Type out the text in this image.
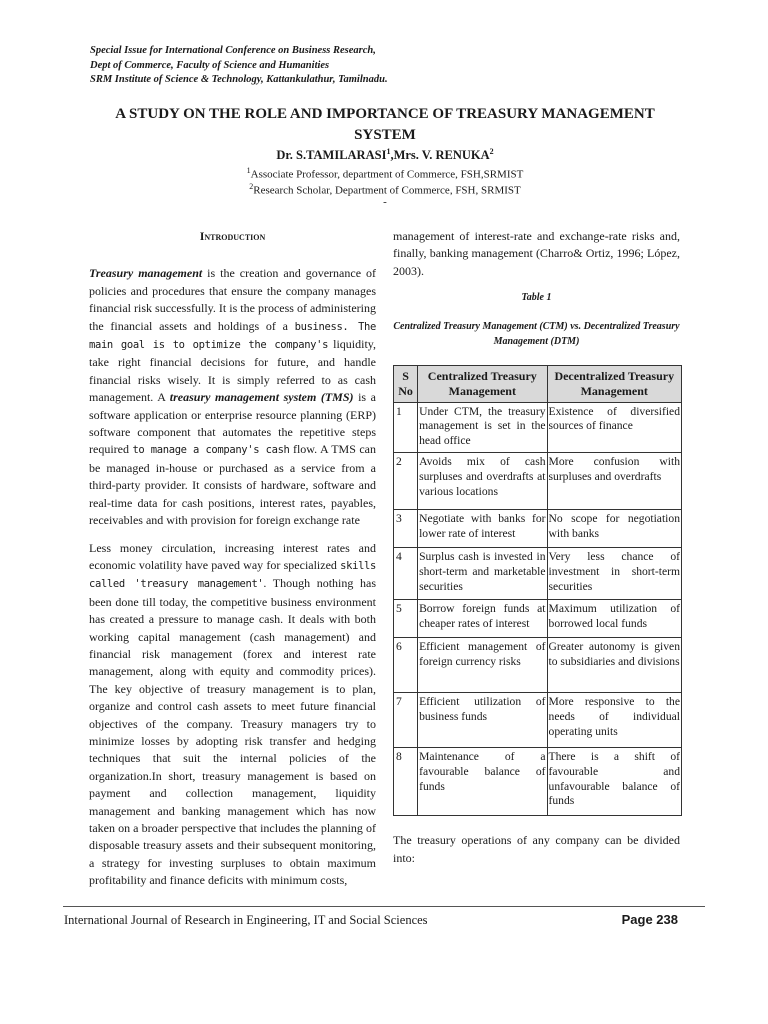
Special Issue for International Conference on Business Research,
Dept of Commerce, Faculty of Science and Humanities
SRM Institute of Science & Technology, Kattankulathur, Tamilnadu.
A STUDY ON THE ROLE AND IMPORTANCE OF TREASURY MANAGEMENT
SYSTEM
Dr. S.TAMILARASI$^1$,Mrs. V. RENUKA$^2$
$^1$Associate Professor, department of Commerce, FSH,SRMIST
$^2$Research Scholar, Department of Commerce, FSH, SRMIST
-
Introduction

Treasury management is the creation and governance of policies and procedures that ensure the company manages financial risk successfully. It is the process of administering the financial assets and holdings of a business. The main goal is to optimize the company's liquidity, take right financial decisions for future, and handle financial risks wisely. It is simply referred to as cash management. A treasury management system (TMS) is a software application or enterprise resource planning (ERP) software component that automates the repetitive steps required to manage a company's cash flow. A TMS can be managed in-house or purchased as a service from a third-party provider. It consists of hardware, software and real-time data for cash positions, interest rates, payables, receivables and with provision for foreign exchange rate

Less money circulation, increasing interest rates and economic volatility have paved way for specialized skills called 'treasury management'. Though nothing has been done till today, the competitive business environment has created a pressure to manage cash. It deals with both working capital management (cash management) and financial risk management (forex and interest rate management, along with equity and commodity prices). The key objective of treasury management is to plan, organize and control cash assets to meet future financial objectives of the company. Treasury managers try to minimize losses by adopting risk transfer and hedging techniques that suit the internal policies of the organization.In short, treasury management is based on payment and collection management, liquidity management and banking management which has now taken on a broader perspective that includes the planning of disposable treasury assets and their subsequent monitoring, a strategy for investing surpluses to obtain maximum profitability and finance deficits with minimum costs,

management of interest-rate and exchange-rate risks and, finally, banking management (Charro& Ortiz, 1996; López, 2003).

Table 1
Centralized Treasury Management (CTM) vs. Decentralized Treasury Management (DTM)
S No	Centralized Treasury Management	Decentralized Treasury Management
1	Under CTM, the treasury management is set in the head office	Existence of diversified sources of finance
2	Avoids mix of cash surpluses and overdrafts at various locations	More confusion with surpluses and overdrafts
3	Negotiate with banks for lower rate of interest	No scope for negotiation with banks
4	Surplus cash is invested in short-term and marketable securities	Very less chance of investment in short-term securities
5	Borrow foreign funds at cheaper rates of interest	Maximum utilization of borrowed local funds
6	Efficient management of foreign currency risks	Greater autonomy is given to subsidiaries and divisions
7	Efficient utilization of business funds	More responsive to the needs of individual operating units
8	Maintenance of a favourable balance of funds	There is a shift of favourable and unfavourable balance of funds

The treasury operations of any company can be divided into:

International Journal of Research in Engineering, IT and Social Sciences	Page 238
